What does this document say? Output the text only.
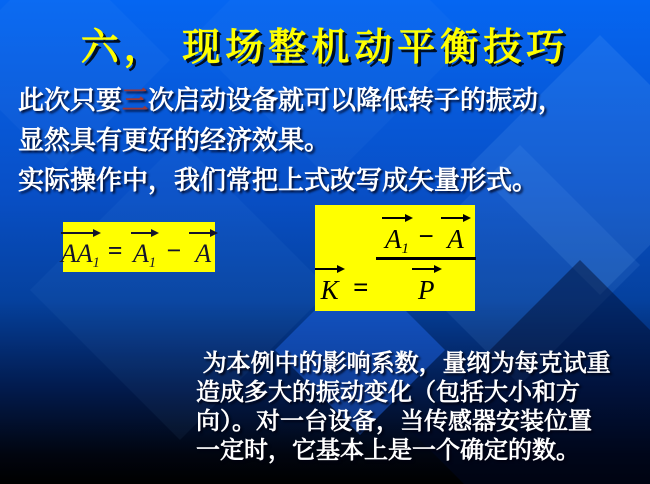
六， 现场整机动平衡技巧
此次只要三次启动设备就可以降低转子的振动，
显然具有更好的经济效果。
实际操作中，我们常把上式改写成矢量形式。
$AA_1 = A_1 - A$
K =
$A_1 - A$
P
为本例中的影响系数，量纲为每克试重
造成多大的振动变化（包括大小和方
向）。对一台设备，当传感器安装位置
一定时，它基本上是一个确定的数。
